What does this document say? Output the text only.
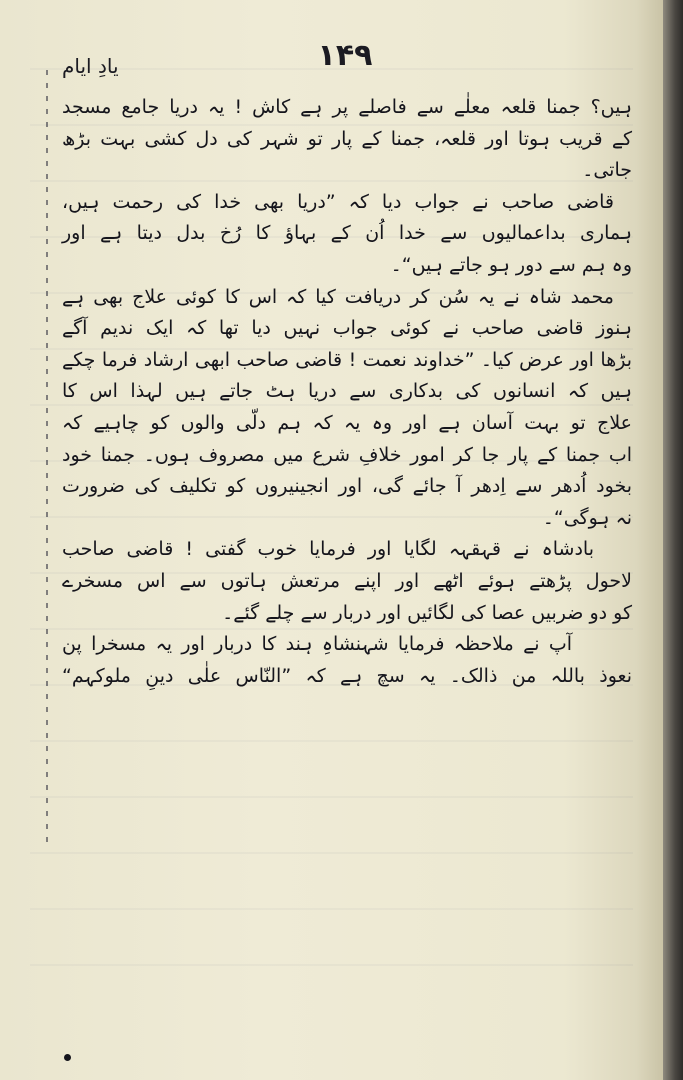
۱۴۹
یادِ ایام
ہیں؟ جمنا قلعہ معلٰے سے فاصلے پر ہے کاش ! یہ دریا جامع مسجد
کے قریب ہوتا اور قلعہ، جمنا کے پار تو شہر کی دل کشی بہت بڑھ
جاتی۔
قاضی صاحب نے جواب دیا کہ ”دریا بھی خدا کی رحمت ہیں،
ہماری بداعمالیوں سے خدا اُن کے بہاؤ کا رُخ بدل دیتا ہے اور
وہ ہم سے دور ہو جاتے ہیں“۔
محمد شاہ نے یہ سُن کر دریافت کیا کہ اس کا کوئی علاج بھی ہے
ہنوز قاضی صاحب نے کوئی جواب نہیں دیا تھا کہ ایک ندیم آگے
بڑھا اور عرض کیا۔ ”خداوند نعمت ! قاضی صاحب ابھی ارشاد فرما چکے
ہیں کہ انسانوں کی بدکاری سے دریا ہٹ جاتے ہیں لہذا اس کا
علاج تو بہت آسان ہے اور وہ یہ کہ ہم دلّی والوں کو چاہیے کہ
اب جمنا کے پار جا کر امور خلافِ شرع میں مصروف ہوں۔ جمنا خود
بخود اُدھر سے اِدھر آ جائے گی، اور انجینیروں کو تکلیف کی ضرورت
نہ ہوگی“۔
بادشاہ نے قہقہہ لگایا اور فرمایا خوب گفتی ! قاضی صاحب
لاحول پڑھتے ہوئے اٹھے اور اپنے مرتعش ہاتوں سے اس مسخرے
کو دو ضربیں عصا کی لگائیں اور دربار سے چلے گئے۔
آپ نے ملاحظہ فرمایا شہنشاہِ ہند کا دربار اور یہ مسخرا پن
نعوذ باللہ من ذالک۔ یہ سچ ہے کہ ”النّاس علٰی دینِ ملوکہم“
